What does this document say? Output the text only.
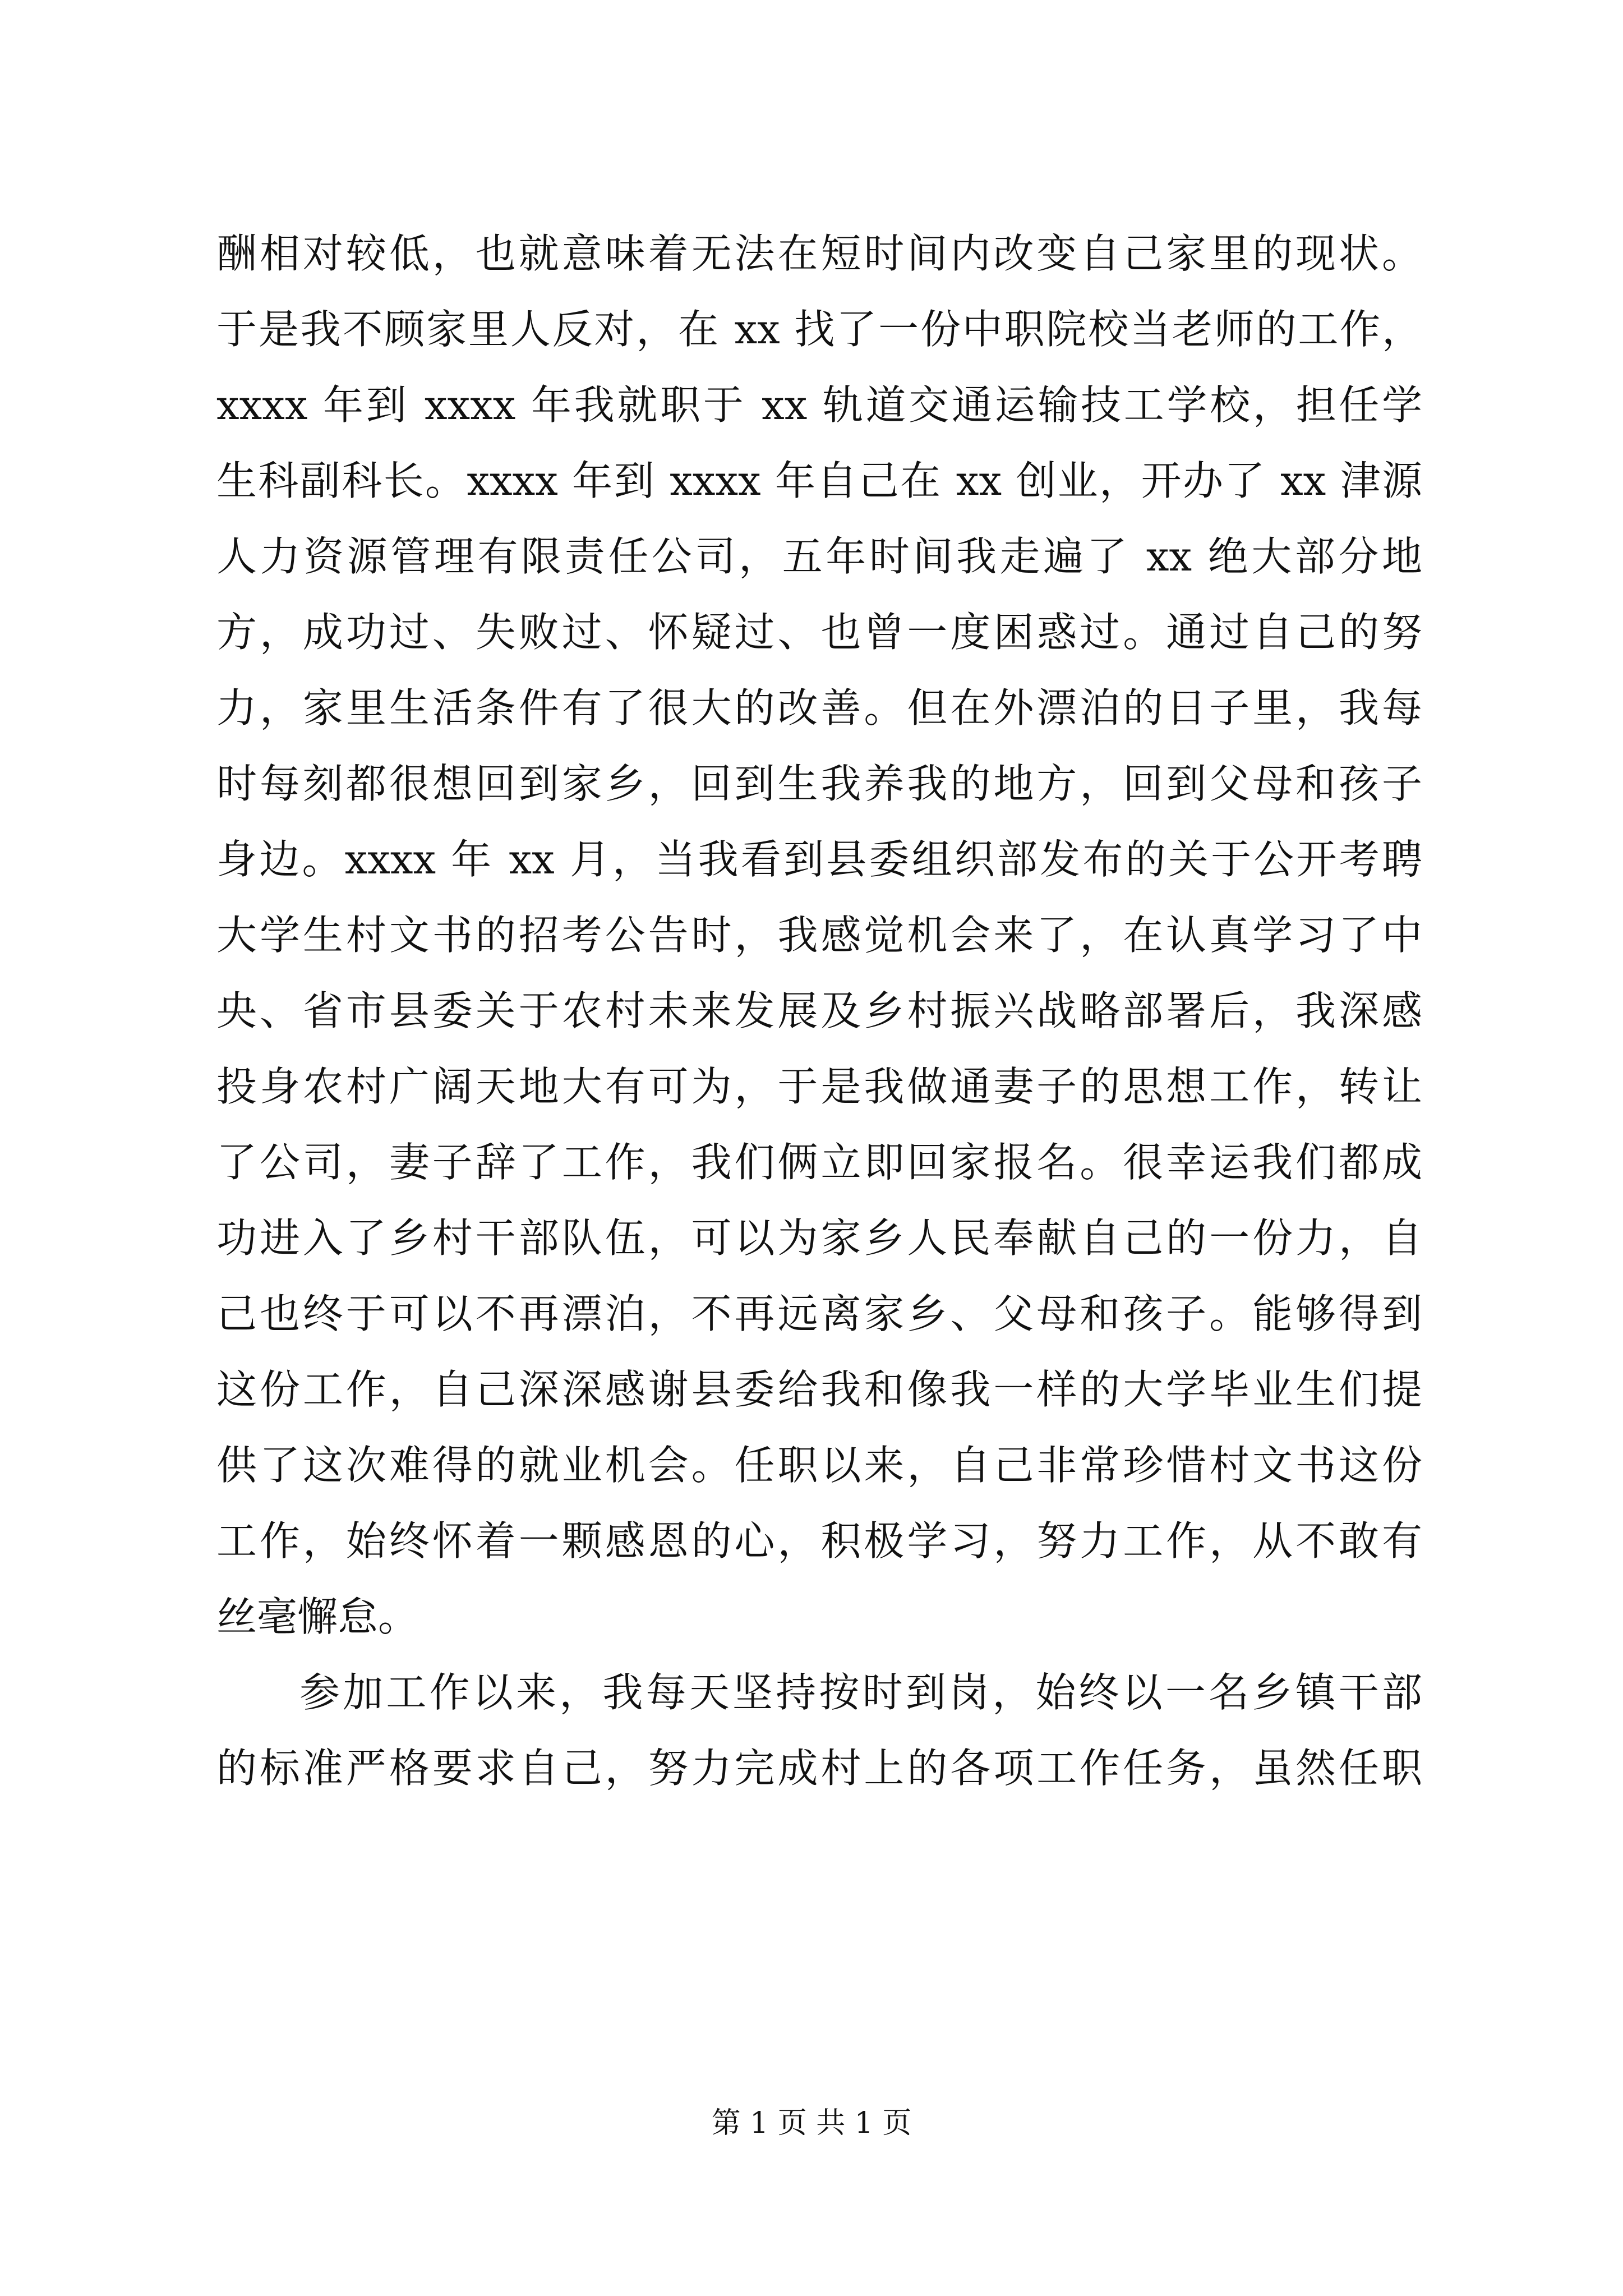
酬相对较低，也就意味着无法在短时间内改变自己家里的现状。
于是我不顾家里人反对，在 xx 找了一份中职院校当老师的工作，
xxxx 年到 xxxx 年我就职于 xx 轨道交通运输技工学校，担任学
生科副科长。xxxx 年到 xxxx 年自己在 xx 创业，开办了 xx 津源
人力资源管理有限责任公司，五年时间我走遍了 xx 绝大部分地
方，成功过、失败过、怀疑过、也曾一度困惑过。通过自己的努
力，家里生活条件有了很大的改善。但在外漂泊的日子里，我每
时每刻都很想回到家乡，回到生我养我的地方，回到父母和孩子
身边。xxxx 年 xx 月，当我看到县委组织部发布的关于公开考聘
大学生村文书的招考公告时，我感觉机会来了，在认真学习了中
央、省市县委关于农村未来发展及乡村振兴战略部署后，我深感
投身农村广阔天地大有可为，于是我做通妻子的思想工作，转让
了公司，妻子辞了工作，我们俩立即回家报名。很幸运我们都成
功进入了乡村干部队伍，可以为家乡人民奉献自己的一份力，自
己也终于可以不再漂泊，不再远离家乡、父母和孩子。能够得到
这份工作，自己深深感谢县委给我和像我一样的大学毕业生们提
供了这次难得的就业机会。任职以来，自己非常珍惜村文书这份
工作，始终怀着一颗感恩的心，积极学习，努力工作，从不敢有
丝毫懈怠。
参加工作以来，我每天坚持按时到岗，始终以一名乡镇干部
的标准严格要求自己，努力完成村上的各项工作任务，虽然任职
第 1 页 共 1 页
